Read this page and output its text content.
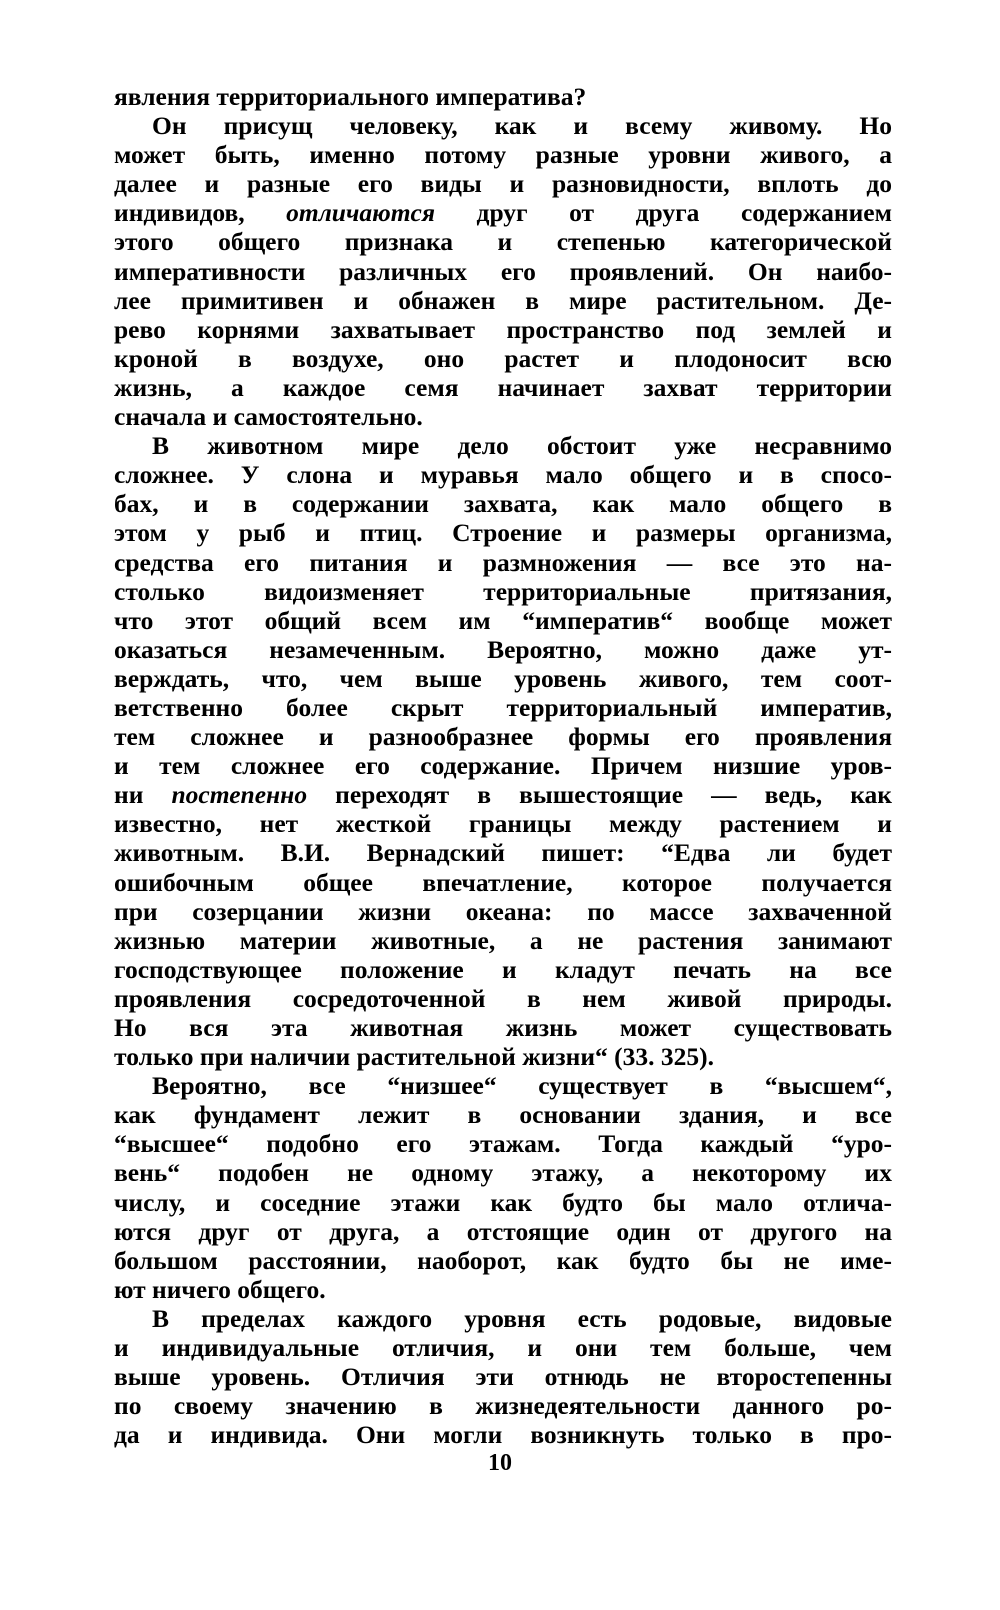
явления территориального императива?
Он присущ человеку, как и всему живому. Но
может быть, именно потому разные уровни живого, а
далее и разные его виды и разновидности, вплоть до
индивидов, отличаются друг от друга содержанием
этого общего признака и степенью категорической
императивности различных его проявлений. Он наибо-
лее примитивен и обнажен в мире растительном. Де-
рево корнями захватывает пространство под землей и
кроной в воздухе, оно растет и плодоносит всю
жизнь, а каждое семя начинает захват территории
сначала и самостоятельно.
В животном мире дело обстоит уже несравнимо
сложнее. У слона и муравья мало общего и в спосо-
бах, и в содержании захвата, как мало общего в
этом у рыб и птиц. Строение и размеры организма,
средства его питания и размножения — все это на-
столько видоизменяет территориальные притязания,
что этот общий всем им “императив“ вообще может
оказаться незамеченным. Вероятно, можно даже ут-
верждать, что, чем выше уровень живого, тем соот-
ветственно более скрыт территориальный императив,
тем сложнее и разнообразнее формы его проявления
и тем сложнее его содержание. Причем низшие уров-
ни постепенно переходят в вышестоящие — ведь, как
известно, нет жесткой границы между растением и
животным. В.И. Вернадский пишет: “Едва ли будет
ошибочным общее впечатление, которое получается
при созерцании жизни океана: по массе захваченной
жизнью материи животные, а не растения занимают
господствующее положение и кладут печать на все
проявления сосредоточенной в нем живой природы.
Но вся эта животная жизнь может существовать
только при наличии растительной жизни“ (33. 325).
Вероятно, все “низшее“ существует в “высшем“,
как фундамент лежит в основании здания, и все
“высшее“ подобно его этажам. Тогда каждый “уро-
вень“ подобен не одному этажу, а некоторому их
числу, и соседние этажи как будто бы мало отлича-
ются друг от друга, а отстоящие один от другого на
большом расстоянии, наоборот, как будто бы не име-
ют ничего общего.
В пределах каждого уровня есть родовые, видовые
и индивидуальные отличия, и они тем больше, чем
выше уровень. Отличия эти отнюдь не второстепенны
по своему значению в жизнедеятельности данного ро-
да и индивида. Они могли возникнуть только в про-
10
